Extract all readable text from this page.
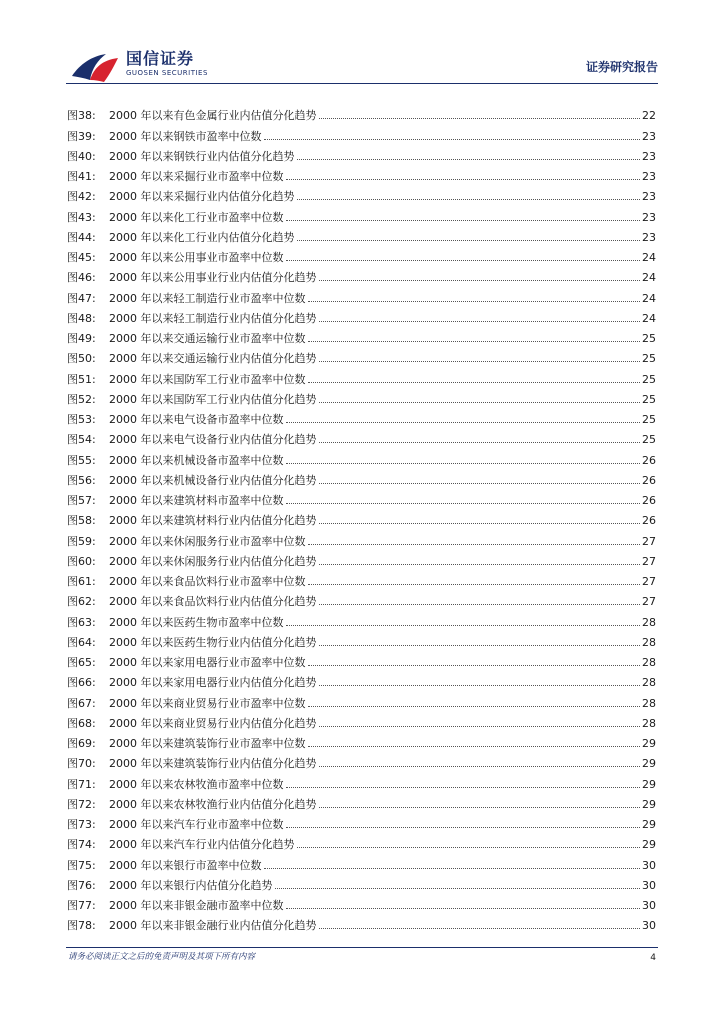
国信证券
GUOSEN SECURITIES	证券研究报告
图38:	2000 年以来有色金属行业内估值分化趋势	22
图39:	2000 年以来钢铁市盈率中位数	23
图40:	2000 年以来钢铁行业内估值分化趋势	23
图41:	2000 年以来采掘行业市盈率中位数	23
图42:	2000 年以来采掘行业内估值分化趋势	23
图43:	2000 年以来化工行业市盈率中位数	23
图44:	2000 年以来化工行业内估值分化趋势	23
图45:	2000 年以来公用事业市盈率中位数	24
图46:	2000 年以来公用事业行业内估值分化趋势	24
图47:	2000 年以来轻工制造行业市盈率中位数	24
图48:	2000 年以来轻工制造行业内估值分化趋势	24
图49:	2000 年以来交通运输行业市盈率中位数	25
图50:	2000 年以来交通运输行业内估值分化趋势	25
图51:	2000 年以来国防军工行业市盈率中位数	25
图52:	2000 年以来国防军工行业内估值分化趋势	25
图53:	2000 年以来电气设备市盈率中位数	25
图54:	2000 年以来电气设备行业内估值分化趋势	25
图55:	2000 年以来机械设备市盈率中位数	26
图56:	2000 年以来机械设备行业内估值分化趋势	26
图57:	2000 年以来建筑材料市盈率中位数	26
图58:	2000 年以来建筑材料行业内估值分化趋势	26
图59:	2000 年以来休闲服务行业市盈率中位数	27
图60:	2000 年以来休闲服务行业内估值分化趋势	27
图61:	2000 年以来食品饮料行业市盈率中位数	27
图62:	2000 年以来食品饮料行业内估值分化趋势	27
图63:	2000 年以来医药生物市盈率中位数	28
图64:	2000 年以来医药生物行业内估值分化趋势	28
图65:	2000 年以来家用电器行业市盈率中位数	28
图66:	2000 年以来家用电器行业内估值分化趋势	28
图67:	2000 年以来商业贸易行业市盈率中位数	28
图68:	2000 年以来商业贸易行业内估值分化趋势	28
图69:	2000 年以来建筑装饰行业市盈率中位数	29
图70:	2000 年以来建筑装饰行业内估值分化趋势	29
图71:	2000 年以来农林牧渔市盈率中位数	29
图72:	2000 年以来农林牧渔行业内估值分化趋势	29
图73:	2000 年以来汽车行业市盈率中位数	29
图74:	2000 年以来汽车行业内估值分化趋势	29
图75:	2000 年以来银行市盈率中位数	30
图76:	2000 年以来银行内估值分化趋势	30
图77:	2000 年以来非银金融市盈率中位数	30
图78:	2000 年以来非银金融行业内估值分化趋势	30
请务必阅读正文之后的免责声明及其项下所有内容	4
